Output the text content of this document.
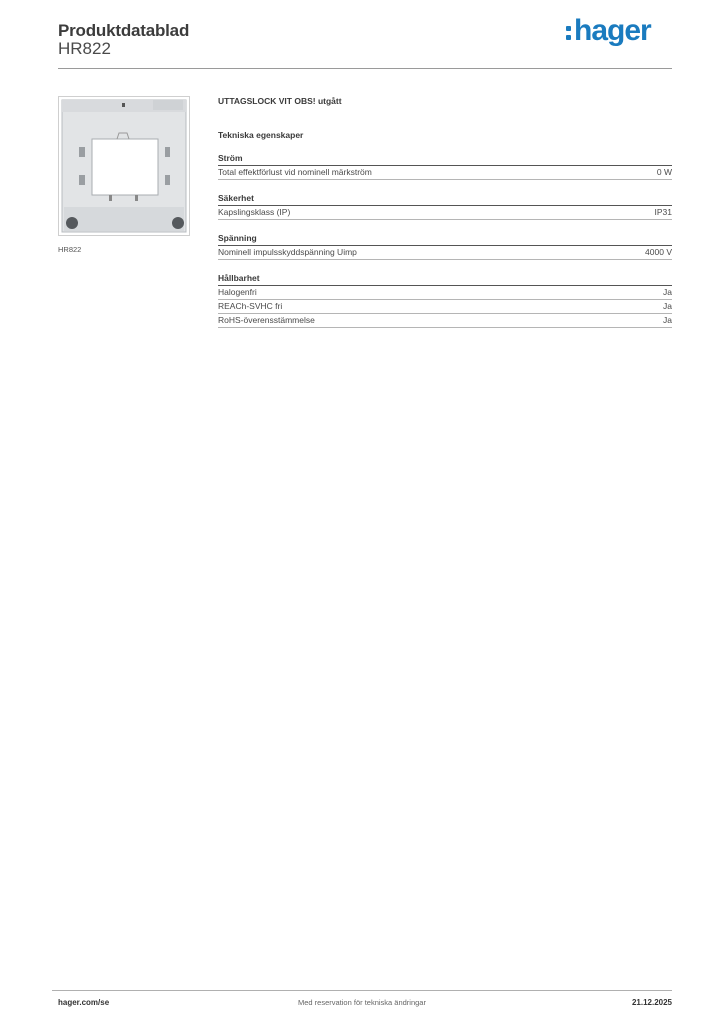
Produktdatablad
HR822
hager
HR822
UTTAGSLOCK VIT OBS! utgått
Tekniska egenskaper
Ström
Total effektförlust vid nominell märkström	0 W
Säkerhet
Kapslingsklass (IP)	IP31
Spänning
Nominell impulsskyddspänning Uimp	4000 V
Hållbarhet
Halogenfri	Ja
REACh-SVHC fri	Ja
RoHS-överensstämmelse	Ja
hager.com/se	Med reservation för tekniska ändringar	21.12.2025
